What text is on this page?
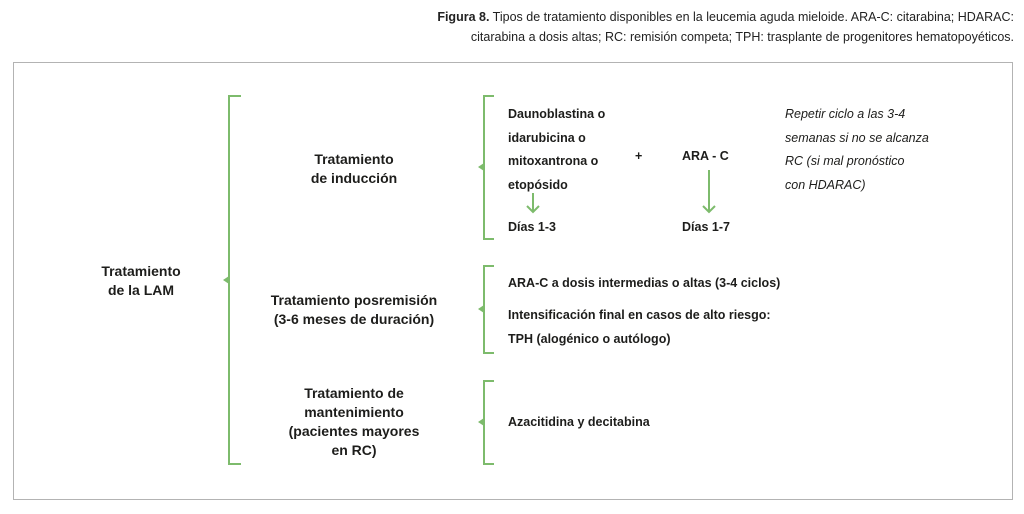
Figura 8. Tipos de tratamiento disponibles en la leucemia aguda mieloide. ARA-C: citarabina; HDARAC:
citarabina a dosis altas; RC: remisión competa; TPH: trasplante de progenitores hematopoyéticos.
Tratamiento
de la LAM
Tratamiento
de inducción
Daunoblastina o
idarubicina o
mitoxantrona o
etopósido
+	ARA - C
Días 1-3	Días 1-7
Repetir ciclo a las 3-4
semanas si no se alcanza
RC (si mal pronóstico
con HDARAC)
Tratamiento posremisión
(3-6 meses de duración)
ARA-C a dosis intermedias o altas (3-4 ciclos)
Intensificación final en casos de alto riesgo:
TPH (alogénico o autólogo)
Tratamiento de
mantenimiento
(pacientes mayores
en RC)
Azacitidina y decitabina
